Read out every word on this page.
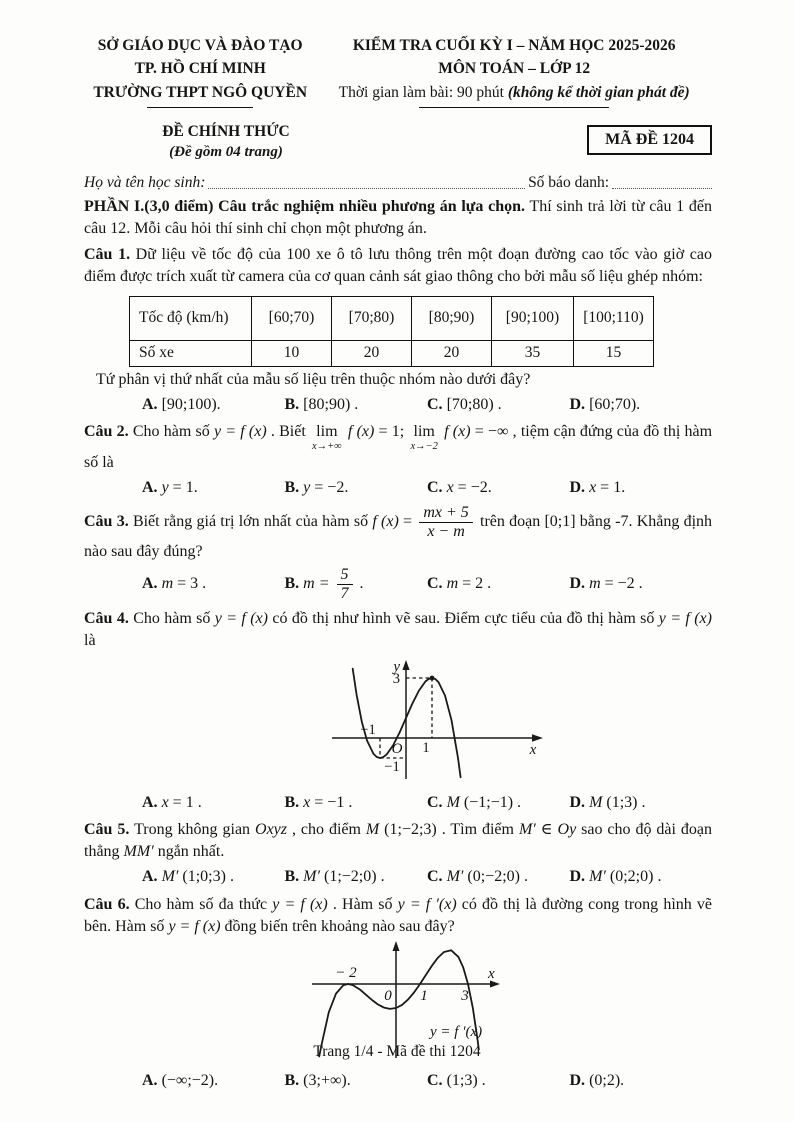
SỞ GIÁO DỤC VÀ ĐÀO TẠO
TP. HỒ CHÍ MINH
TRƯỜNG THPT NGÔ QUYỀN
KIỂM TRA CUỐI KỲ I – NĂM HỌC 2025-2026
MÔN TOÁN – LỚP 12
Thời gian làm bài: 90 phút (không kể thời gian phát đề)
ĐỀ CHÍNH THỨC
(Đề gồm 04 trang)
MÃ ĐỀ 1204
Họ và tên học sinh:	Số báo danh:
PHẦN I.(3,0 điểm) Câu trắc nghiệm nhiều phương án lựa chọn. Thí sinh trả lời từ câu 1 đến câu 12. Mỗi câu hỏi thí sinh chỉ chọn một phương án.
Câu 1. Dữ liệu về tốc độ của 100 xe ô tô lưu thông trên một đoạn đường cao tốc vào giờ cao điểm được trích xuất từ camera của cơ quan cảnh sát giao thông cho bởi mẫu số liệu ghép nhóm:
Tốc độ (km/h)	[60;70)	[70;80)	[80;90)	[90;100)	[100;110)
Số xe	10	20	20	35	15
Tứ phân vị thứ nhất của mẫu số liệu trên thuộc nhóm nào dưới đây?
A. [90;100).	B. [80;90) .	C. [70;80) .	D. [60;70).
Câu 2. Cho hàm số y = f (x) . Biết lim
x→+∞
f (x) = 1; lim
x→−2
f (x) = −∞ , tiệm cận đứng của đồ thị hàm số là
A. y = 1.	B. y = −2.	C. x = −2.	D. x = 1.
Câu 3. Biết rằng giá trị lớn nhất của hàm số f $(x) = \frac{mx + 5}{x - m}$ trên đoạn [0;1] bằng -7. Khẳng định nào sau đây đúng?
A. m = 3 .	B. $m = \frac{5}{7}$ .	C. m = 2 .	D. m = −2 .
Câu 4. Cho hàm số y = f (x) có đồ thị như hình vẽ sau. Điểm cực tiểu của đồ thị hàm số y = f (x) là
y
3
−1
O 1
−1
x
A. x = 1 .	B. x = −1 .	C. M (−1;−1) .	D. M (1;3) .
Câu 5. Trong không gian Oxyz , cho điểm M (1;−2;3) . Tìm điểm M′ ∈ Oy sao cho độ dài đoạn thẳng MM′ ngắn nhất.
A. M′ (1;0;3) .	B. M′ (1;−2;0) .	C. M′ (0;−2;0) .	D. M′ (0;2;0) .
Câu 6. Cho hàm số đa thức y = f (x) . Hàm số y = f ′(x) có đồ thị là đường cong trong hình vẽ bên. Hàm số y = f (x) đồng biến trên khoảng nào sau đây?
− 2
0 1 3
x
y = f ′(x)
A. (−∞;−2).	B. (3;+∞).	C. (1;3) .	D. (0;2).
Trang 1/4 - Mã đề thi 1204
